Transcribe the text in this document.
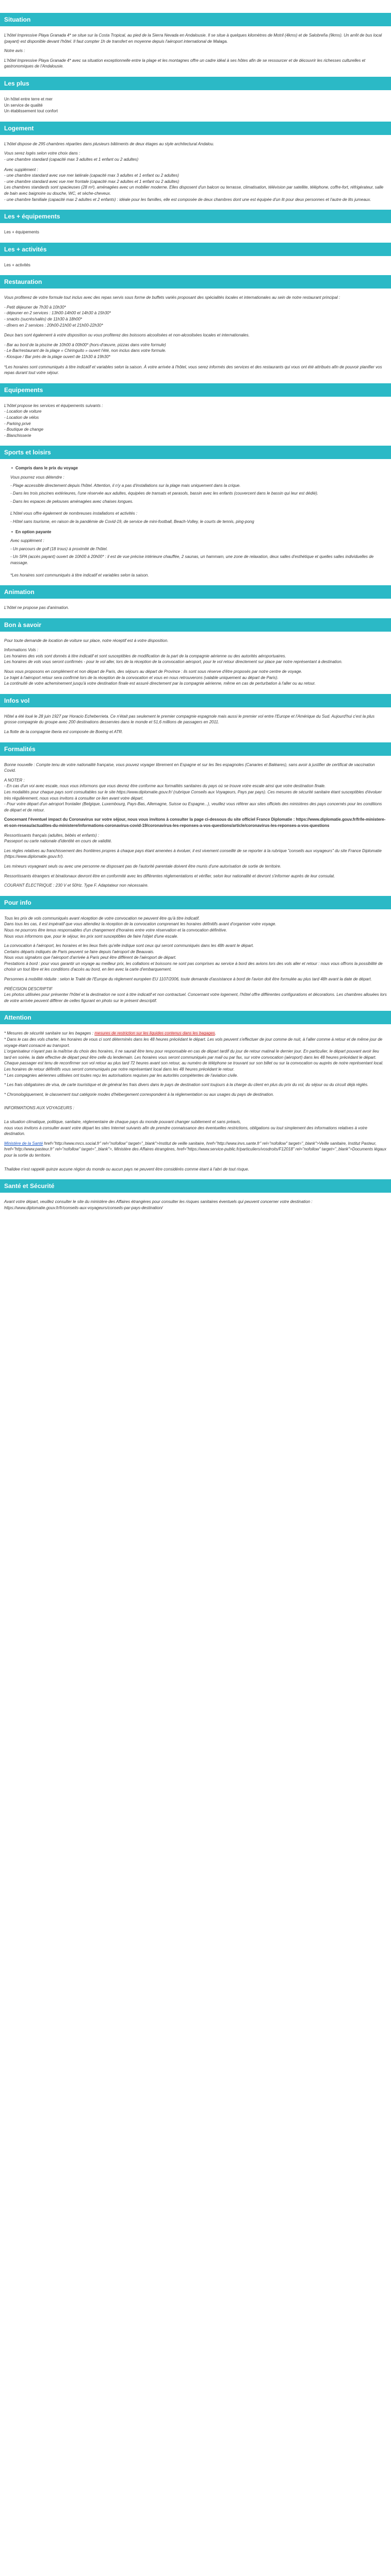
Situation

L'hôtel Impressive Playa Granada 4* se situe sur la Costa Tropical, au pied de la Sierra Nevada en Andalousie. Il se situe à quelques kilomètres de Motril (4kms) et de Salobreña (9kms). Un arrêt de bus local (payant) est disponible devant l'hôtel. Il faut compter 1h de transfert en moyenne depuis l'aéroport international de Malaga.

Notre avis :

L'hôtel Impressive Playa Granade 4* avec sa situation exceptionnelle entre la plage et les montagnes offre un cadre idéal à ses hôtes afin de se ressourcer et de découvrir les richesses culturelles et gastronomiques de l'Andalousie.

Les plus

Un hôtel entre terre et mer

Un service de qualité

Un établissement tout confort

Logement

L'hôtel dispose de 295 chambres réparties dans plusieurs bâtiments de deux étages au style architectural Andalou.

Vous serez logés selon votre choix dans :

- une chambre standard (capacité max 3 adultes et 1 enfant ou 2 adultes)

Avec supplément :

- une chambre standard avec vue mer latérale (capacité max 3 adultes et 1 enfant ou 2 adultes)

- une chambre standard avec vue mer frontale (capacité max 2 adultes et 1 enfant ou 2 adultes)

Les chambres standards sont spacieuses (28 m²), aménagées avec un mobilier moderne. Elles disposent d'un balcon ou terrasse, climatisation, télévision par satellite, téléphone, coffre-fort, réfrigérateur, salle de bain avec baignoire ou douche, WC, et sèche-cheveux.

- une chambre familiale (capacité max 2 adultes et 2 enfants) : idéale pour les familles, elle est composée de deux chambres dont une est équipée d'un lit pour deux personnes et l'autre de lits jumeaux.

Les + équipements

Les + équipements

Les + activités

Les + activités

Restauration

Vous profiterez de votre formule tout inclus avec des repas servis sous forme de buffets variés proposant des spécialités locales et internationales au sein de notre restaurant principal :

- Petit déjeuner de 7h30 à 10h30*

- déjeuner en 2 services : 13h00-14h00 et 14h30 à 15h30*

- snacks (sucrés/salés) de 11h30 à 18h00*

- dîners en 2 services : 20h00-21h00 et 21h00-22h30*

Deux bars sont également à votre disposition ou vous profiterez des boissons alcoolisées et non-alcoolisées locales et internationales.

- Bar au bord de la piscine de 10h00 à 00h00* (hors-d'œuvre, pizzas dans votre formule)

- Le Bar/restaurant de la plage « Chiringuito » ouvert l'été, non inclus dans votre formule.

- Kiosque / Bar près de la plage ouvert de 11h30 à 19h30*

*Les horaires sont communiqués à titre indicatif et variables selon la saison. À votre arrivée à l'hôtel, vous serez informés des services et des restaurants qui vous ont été attribués afin de pouvoir planifier vos repas durant tout votre séjour.

Equipements

L'hôtel propose les services et équipements suivants :

- Location de voiture

- Location de vélos

- Parking privé

- Boutique de change

- Blanchisserie

Sports et loisirs
• Compris dans le prix du voyage

Vous pourrez vous détendre :

- Plage accessible directement depuis l'hôtel. Attention, il n'y a pas d'installations sur la plage mais uniquement dans la crique.

- Dans les trois piscines extérieures, l'une réservée aux adultes, équipées de transats et parasols, bassin avec les enfants (couvercent dans le bassin qui leur est dédié).

- Dans les espaces de pelouses aménagées avec chaises longues.

L'hôtel vous offre également de nombreuses installations et activités :

- Hôtel sans tourisme, en raison de la pandémie de Covid-19, de service de mini-football, Beach-Volley, le courts de tennis, ping-pong

• En option payante

Avec supplément :

- Un parcours de golf (18 trous) à proximité de l'hôtel.

- Un SPA (accès payant) ouvert de 10h00 à 20h00* : il est de vue précise intérieure chauffée, 2 saunas, un hammam, une zone de relaxation, deux salles d'esthétique et quelles salles individuelles de massage.

*Les horaires sont communiqués à titre indicatif et variables selon la saison.

Animation

L'hôtel ne propose pas d'animation.

Bon à savoir

Pour toute demande de location de voiture sur place, notre réceptif est à votre disposition.

Informations Vols :

Les horaires des vols sont donnés à titre indicatif et sont susceptibles de modification de la part de la compagnie aérienne ou des autorités aéroportuaires.
Les horaires de vols vous seront confirmés - pour le vol aller, lors de la réception de la convocation aéroport, pour le vol retour directement sur place par notre représentant à destination.

Nous vous proposons en complément et non départ de Paris, des séjours au départ de Province : ils sont sous réserve d'être proposés par notre centre de voyage.
Le trajet à l'aéroport retour sera confirmé lors de la réception de la convocation et vous en nous retrouverons (valable uniquement au départ de Paris).
La continuité de votre acheminement jusqu'à votre destination finale est assuré directement par la compagnie aérienne, même en cas de perturbation à l'aller ou au retour.

Infos vol

Hôtel a été loué le 28 juin 1927 par Horacio Echeberrieta. Ce n'était pas seulement le premier compagnie espagnole mais aussi le premier vol entre l'Europe et l'Amérique du Sud. Aujourd'hui c'est la plus grosse compagnie du groupe avec 200 destinations desservies dans le monde et 51,6 millions de passagers en 2011.

La flotte de la compagnie Iberia est composée de Boeing et ATR.

Formalités

Bonne nouvelle : Compte tenu de votre nationalité française, vous pouvez voyager librement en Espagne et sur les îles espagnoles (Canaries et Baléares), sans avoir à justifier de certificat de vaccination Covid.

A NOTER :
- En cas d'un voi avec escale, nous vous informons que vous devrez être conforme aux formalités sanitaires du pays où se trouve votre escale ainsi que votre destination finale.
Les modalités pour chaque pays sont consultables sur le site https://www.diplomatie.gouv.fr/ (rubrique Conseils aux Voyageurs, Pays par pays). Ces mesures de sécurité sanitaire étant susceptibles d'évoluer très régulièrement, nous vous invitons à consulter ce lien avant votre départ.
- Pour votre départ d'un aéroport frontalier (Belgique, Luxembourg, Pays-Bas, Allemagne, Suisse ou Espagne...), veuillez vous référer aux sites officiels des ministères des pays concernés pour les conditions de départ et de retour.

Concernant l'éventuel impact du Coronavirus sur votre séjour, nous vous invitons à consulter la page ci-dessous du site officiel France Diplomatie : https://www.diplomatie.gouv.fr/fr/le-ministere-et-son-reseau/actualites-du-ministere/informations-coronavirus-covid-19/coronavirus-les-reponses-a-vos-questions/article/coronavirus-les-reponses-a-vos-questions

Ressortissants français (adultes, bébés et enfants) :
Passeport ou carte nationale d'identité en cours de validité.

Les règles relatives au franchissement des frontières propres à chaque pays étant amenées à évoluer, il est vivement conseillé de se reporter à la rubrique "conseils aux voyageurs" du site France Diplomatie (https://www.diplomatie.gouv.fr/).

Les mineurs voyageant seuls ou avec une personne ne disposant pas de l'autorité parentale doivent être munis d'une autorisation de sortie de territoire.

Ressortissants étrangers et binationaux devront être en conformité avec les différentes réglementations et vérifier, selon leur nationalité et devront s'informer auprès de leur consulat.

COURANT ÉLECTRIQUE : 230 V et 50Hz. Type F. Adaptateur non nécessaire.

Pour info

Tous les prix de vols communiqués avant réception de votre convocation ne peuvent être qu'à titre indicatif.
Dans tous les cas, il est impératif que vous attendiez la réception de la convocation comprenant les horaires définitifs avant d'organiser votre voyage.
Nous ne pourrons être tenus responsables d'un changement d'horaires entre votre réservation et la convocation définitive.
Nous vous informons que, pour le séjour, les prix sont susceptibles de faire l'objet d'une escale.

La convocation à l'aéroport, les horaires et les lieux fixés qu'elle indique sont ceux qui seront communiqués dans les 48h avant le départ.
Certains départs indiqués de Paris peuvent se faire depuis l'aéroport de Beauvais.
Nous vous signalons que l'aéroport d'arrivée à Paris peut être différent de l'aéroport de départ.
Prestations à bord : pour vous garantir un voyage au meilleur prix, les collations et boissons ne sont pas comprises au service à bord des avions lors des vols aller et retour : nous vous offrons la possibilité de choisir un tout libre et les conditions d'accès au bord, en lien avec la carte d'embarquement.

Personnes à mobilité réduite : selon le Traité de l'Europe du règlement européen EU 1107/2006, toute demande d'assistance à bord de l'avion doit être formulée au plus tard 48h avant la date de départ.

PRÉCISION DESCRIPTIF
Les photos utilisées pour présenter l'hôtel et la destination ne sont à titre indicatif et non contractuel. Concernant votre logement, l'hôtel offre différentes configurations et décorations. Les chambres allouées lors de votre arrivée peuvent différer de celles figurant en photo sur le présent descriptif.

Attention

* Mesures de sécurité sanitaire sur les bagages : mesures de restriction sur les liquides contenus dans les bagages.
* Dans le cas des vols charter, les horaires de vous ci sont déterminés dans les 48 heures précédant le départ. Les vols peuvent s'effectuer de jour comme de nuit, à l'aller comme à retour et de même jour de voyage étant consacré au transport.
L'organisateur n'ayant pas la maîtrise du choix des horaires, il ne saurait être tenu pour responsable en cas de départ tardif du jour de retour matinal le dernier jour. En particulier, le départ pouvant avoir lieu tard en soirée, la date effective de départ peut être celle du lendemain. Les horaires vous seront communiqués par mail ou par fax, sur votre convocation (aéroport) dans les 48 heures précédant le départ. Chaque passager est tenu de reconfirmer son vol retour au plus tard 72 heures avant son retour, au numéro de téléphone se trouvant sur son billet ou sur la convocation ou auprès de notre représentant local. Les horaires de retour définitifs vous seront communiqués par notre représentant local dans les 48 heures précédant le retour.
* Les compagnies aériennes utilisées ont toutes reçu les autorisations requises par les autorités compétentes de l'aviation civile.

* Les frais obligatoires de visa, de carte touristique et de général les frais divers dans le pays de destination sont toujours à la charge du client en plus du prix du vol, du séjour ou du circuit déjà réglés.

* Chronologiquement, le classement tout catégorie modes d'hébergement correspondent à la réglementation ou aux usages du pays de destination.

INFORMATIONS AUX VOYAGEURS :

La situation climatique, politique, sanitaire, réglementaire de chaque pays du monde pouvant changer subitement et sans préavis,
nous vous invitons à consulter avant votre départ les sites Internet suivants afin de prendre connaissance des éventuelles restrictions, obligations ou tout simplement des informations relatives à votre destination.

Ministère de la Santé href="http://www.mrcs.social.fr" rel="nofollow" target="_blank">Institut de veille sanitaire, href="http://www.invs.sante.fr" rel="nofollow" target="_blank">Veille sanitaire, Institut Pasteur, href="http://www.pasteur.fr" rel="nofollow" target="_blank">, Ministère des Affaires étrangères, href="https://www.service-public.fr/particuliers/vosdroits/F12018" rel="nofollow" target="_blank">Documents légaux pour la sortie du territoire.

Thalidee n'est rappelé quinze aucune région du monde ou aucun pays ne peuvent être considérés comme étant à l'abri de tout risque.

Santé et Sécurité

Avant votre départ, veuillez consulter le site du ministère des Affaires étrangères pour consulter les risques sanitaires éventuels qui peuvent concerner votre destination : https://www.diplomatie.gouv.fr/fr/conseils-aux-voyageurs/conseils-par-pays-destination/
